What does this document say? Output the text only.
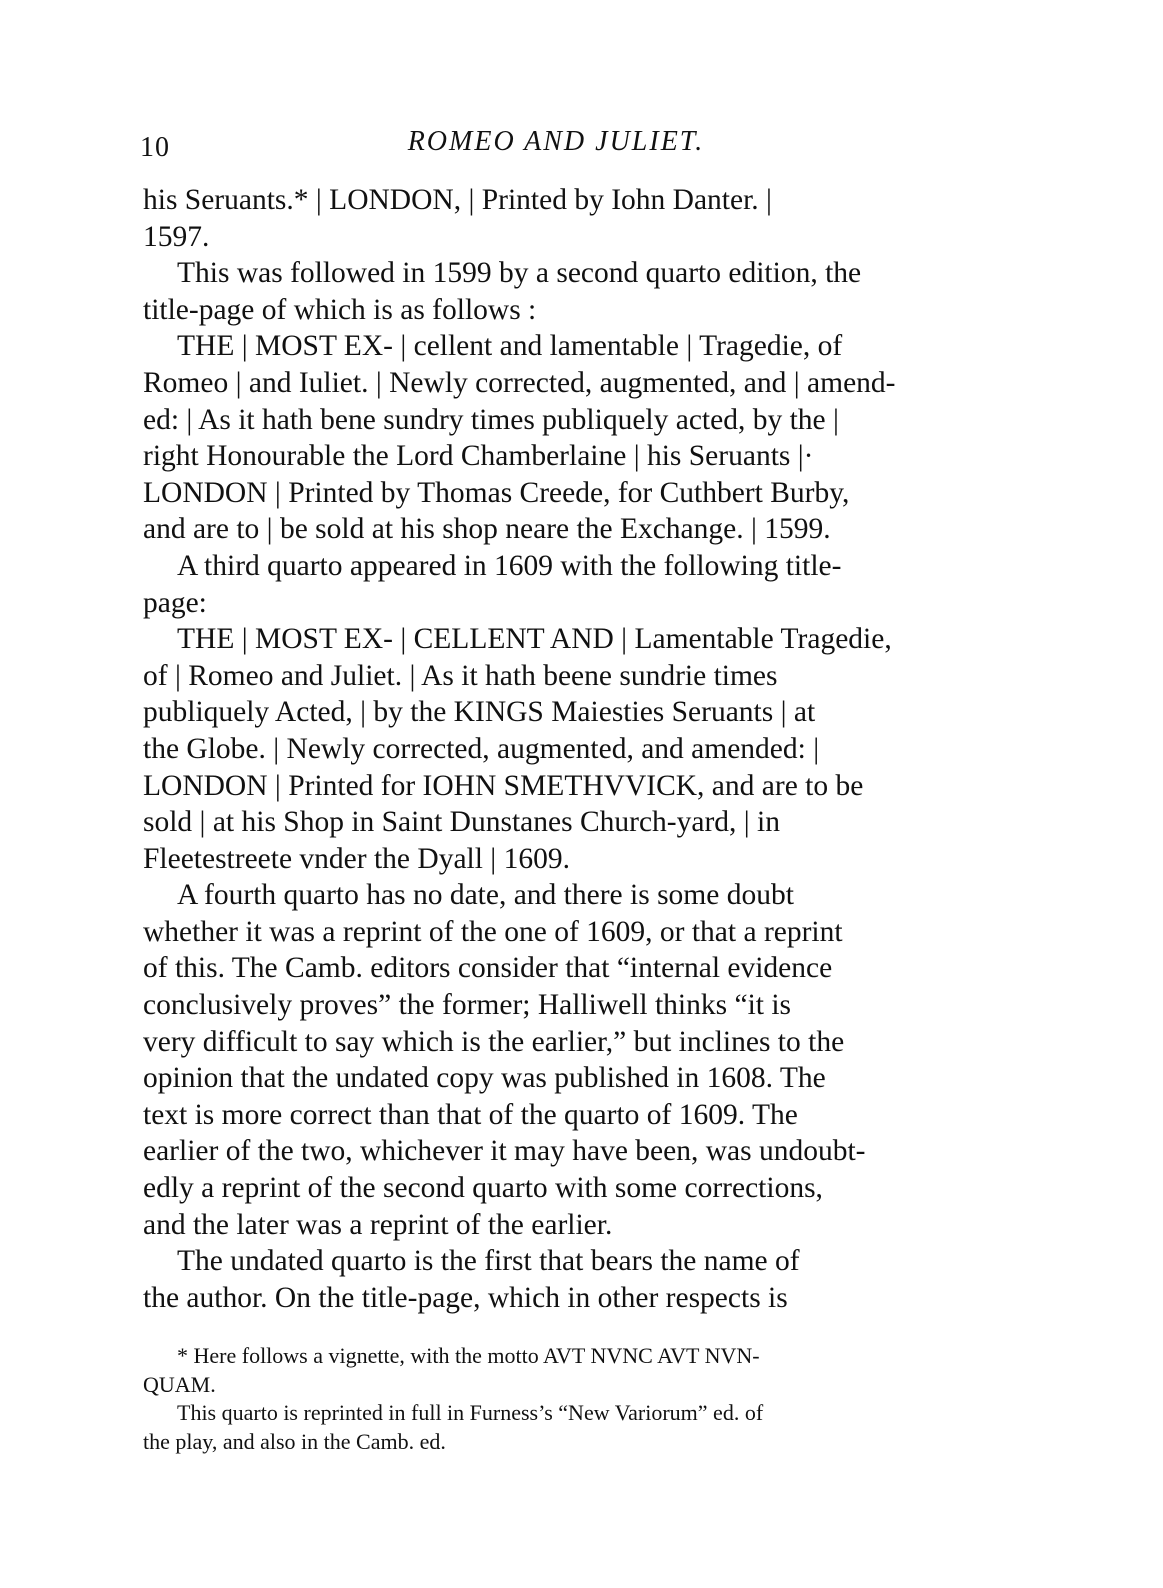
10	ROMEO AND JULIET.
his Seruants.* | LONDON, | Printed by Iohn Danter. |
1597.
This was followed in 1599 by a second quarto edition, the
title-page of which is as follows :
THE | MOST EX- | cellent and lamentable | Tragedie, of
Romeo | and Iuliet. | Newly corrected, augmented, and | amend-
ed: | As it hath bene sundry times publiquely acted, by the |
right Honourable the Lord Chamberlaine | his Seruants |·
LONDON | Printed by Thomas Creede, for Cuthbert Burby,
and are to | be sold at his shop neare the Exchange. | 1599.
A third quarto appeared in 1609 with the following title-
page:
THE | MOST EX- | CELLENT AND | Lamentable Tragedie,
of | Romeo and Juliet. | As it hath beene sundrie times
publiquely Acted, | by the KINGS Maiesties Seruants | at
the Globe. | Newly corrected, augmented, and amended: |
LONDON | Printed for IOHN SMETHVVICK, and are to be
sold | at his Shop in Saint Dunstanes Church-yard, | in
Fleetestreete vnder the Dyall | 1609.
A fourth quarto has no date, and there is some doubt
whether it was a reprint of the one of 1609, or that a reprint
of this. The Camb. editors consider that “internal evidence
conclusively proves” the former; Halliwell thinks “it is
very difficult to say which is the earlier,” but inclines to the
opinion that the undated copy was published in 1608. The
text is more correct than that of the quarto of 1609. The
earlier of the two, whichever it may have been, was undoubt-
edly a reprint of the second quarto with some corrections,
and the later was a reprint of the earlier.
The undated quarto is the first that bears the name of
the author. On the title-page, which in other respects is
* Here follows a vignette, with the motto AVT NVNC AVT NVN-
QUAM.
This quarto is reprinted in full in Furness’s “New Variorum” ed. of
the play, and also in the Camb. ed.
